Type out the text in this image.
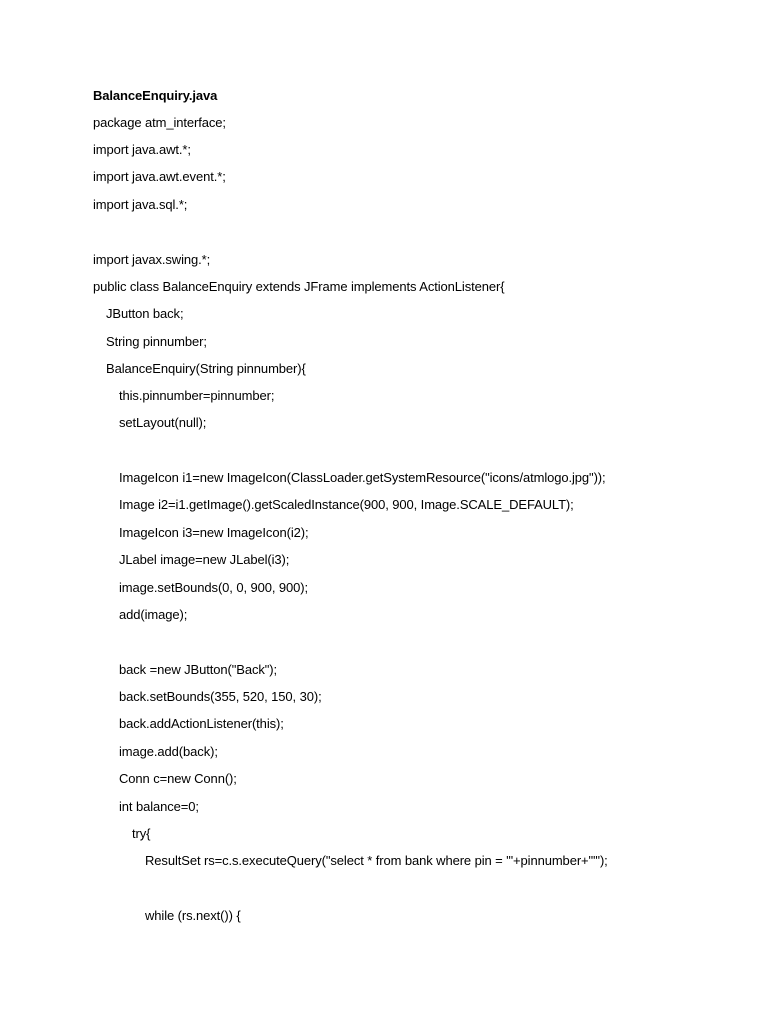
BalanceEnquiry.java
package atm_interface;
import java.awt.*;
import java.awt.event.*;
import java.sql.*;
import javax.swing.*;
public class BalanceEnquiry extends JFrame implements ActionListener{
JButton back;
String pinnumber;
BalanceEnquiry(String pinnumber){
this.pinnumber=pinnumber;
setLayout(null);
ImageIcon i1=new ImageIcon(ClassLoader.getSystemResource("icons/atmlogo.jpg"));
Image i2=i1.getImage().getScaledInstance(900, 900, Image.SCALE_DEFAULT);
ImageIcon i3=new ImageIcon(i2);
JLabel image=new JLabel(i3);
image.setBounds(0, 0, 900, 900);
add(image);
back =new JButton("Back");
back.setBounds(355, 520, 150, 30);
back.addActionListener(this);
image.add(back);
Conn c=new Conn();
int balance=0;
try{
ResultSet rs=c.s.executeQuery("select * from bank where pin = '"+pinnumber+"'");
while (rs.next()) {
